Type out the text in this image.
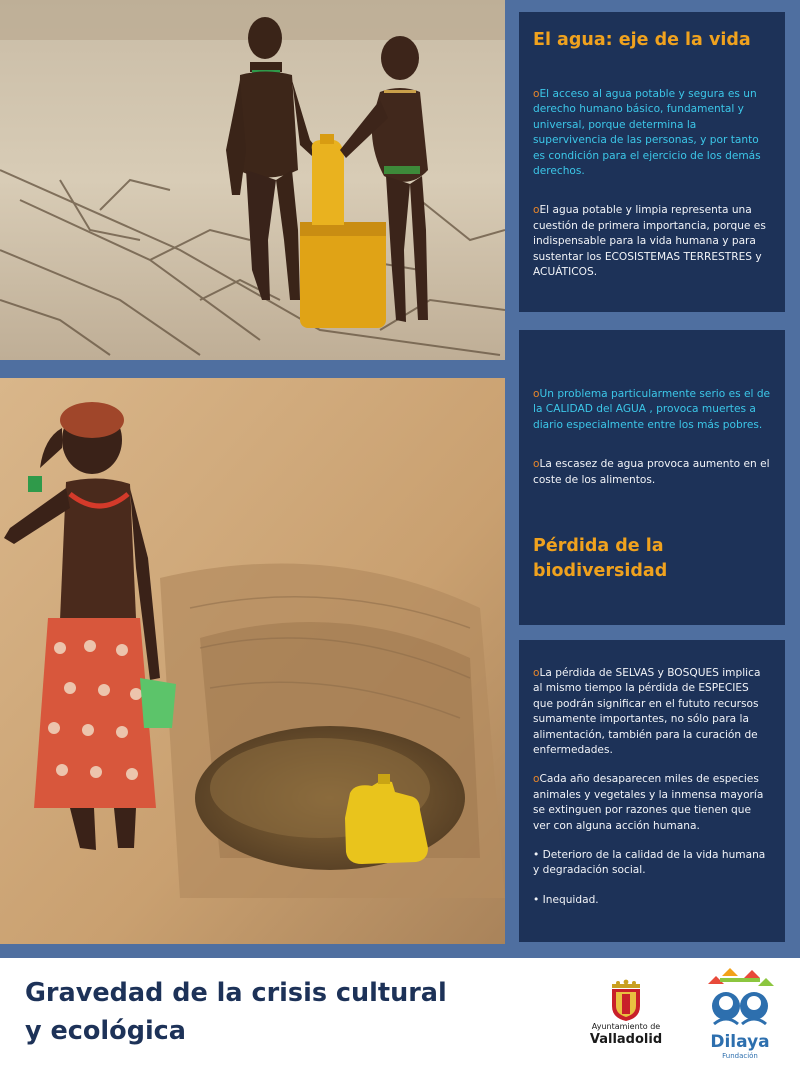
El agua: eje de la vida

oEl acceso al agua potable y segura es un derecho humano básico, fundamental y universal, porque determina la supervivencia de las personas, y por tanto es condición para el ejercicio de los demás derechos.

oEl agua potable y limpia representa una cuestión de primera importancia, porque es indispensable para la vida humana y para sustentar los ECOSISTEMAS TERRESTRES y ACUÁTICOS.

oUn problema particularmente serio es el de la CALIDAD del AGUA , provoca muertes a diario especialmente entre los más pobres.

oLa escasez de agua provoca aumento en el coste de los alimentos.

Pérdida de la
biodiversidad

oLa pérdida de SELVAS y BOSQUES implica al mismo tiempo la pérdida de ESPECIES que podrán significar en el fututo recursos sumamente importantes, no sólo para la alimentación, también para la curación de enfermedades.

oCada año desaparecen miles de especies animales y vegetales y la inmensa mayoría se extinguen por razones que tienen que ver con alguna acción humana.

• Deterioro de la calidad de la vida humana y degradación social.

• Inequidad.

Gravedad de la crisis cultural
y ecológica	Ayuntamiento de
Valladolid	Dilaya
Fundación
